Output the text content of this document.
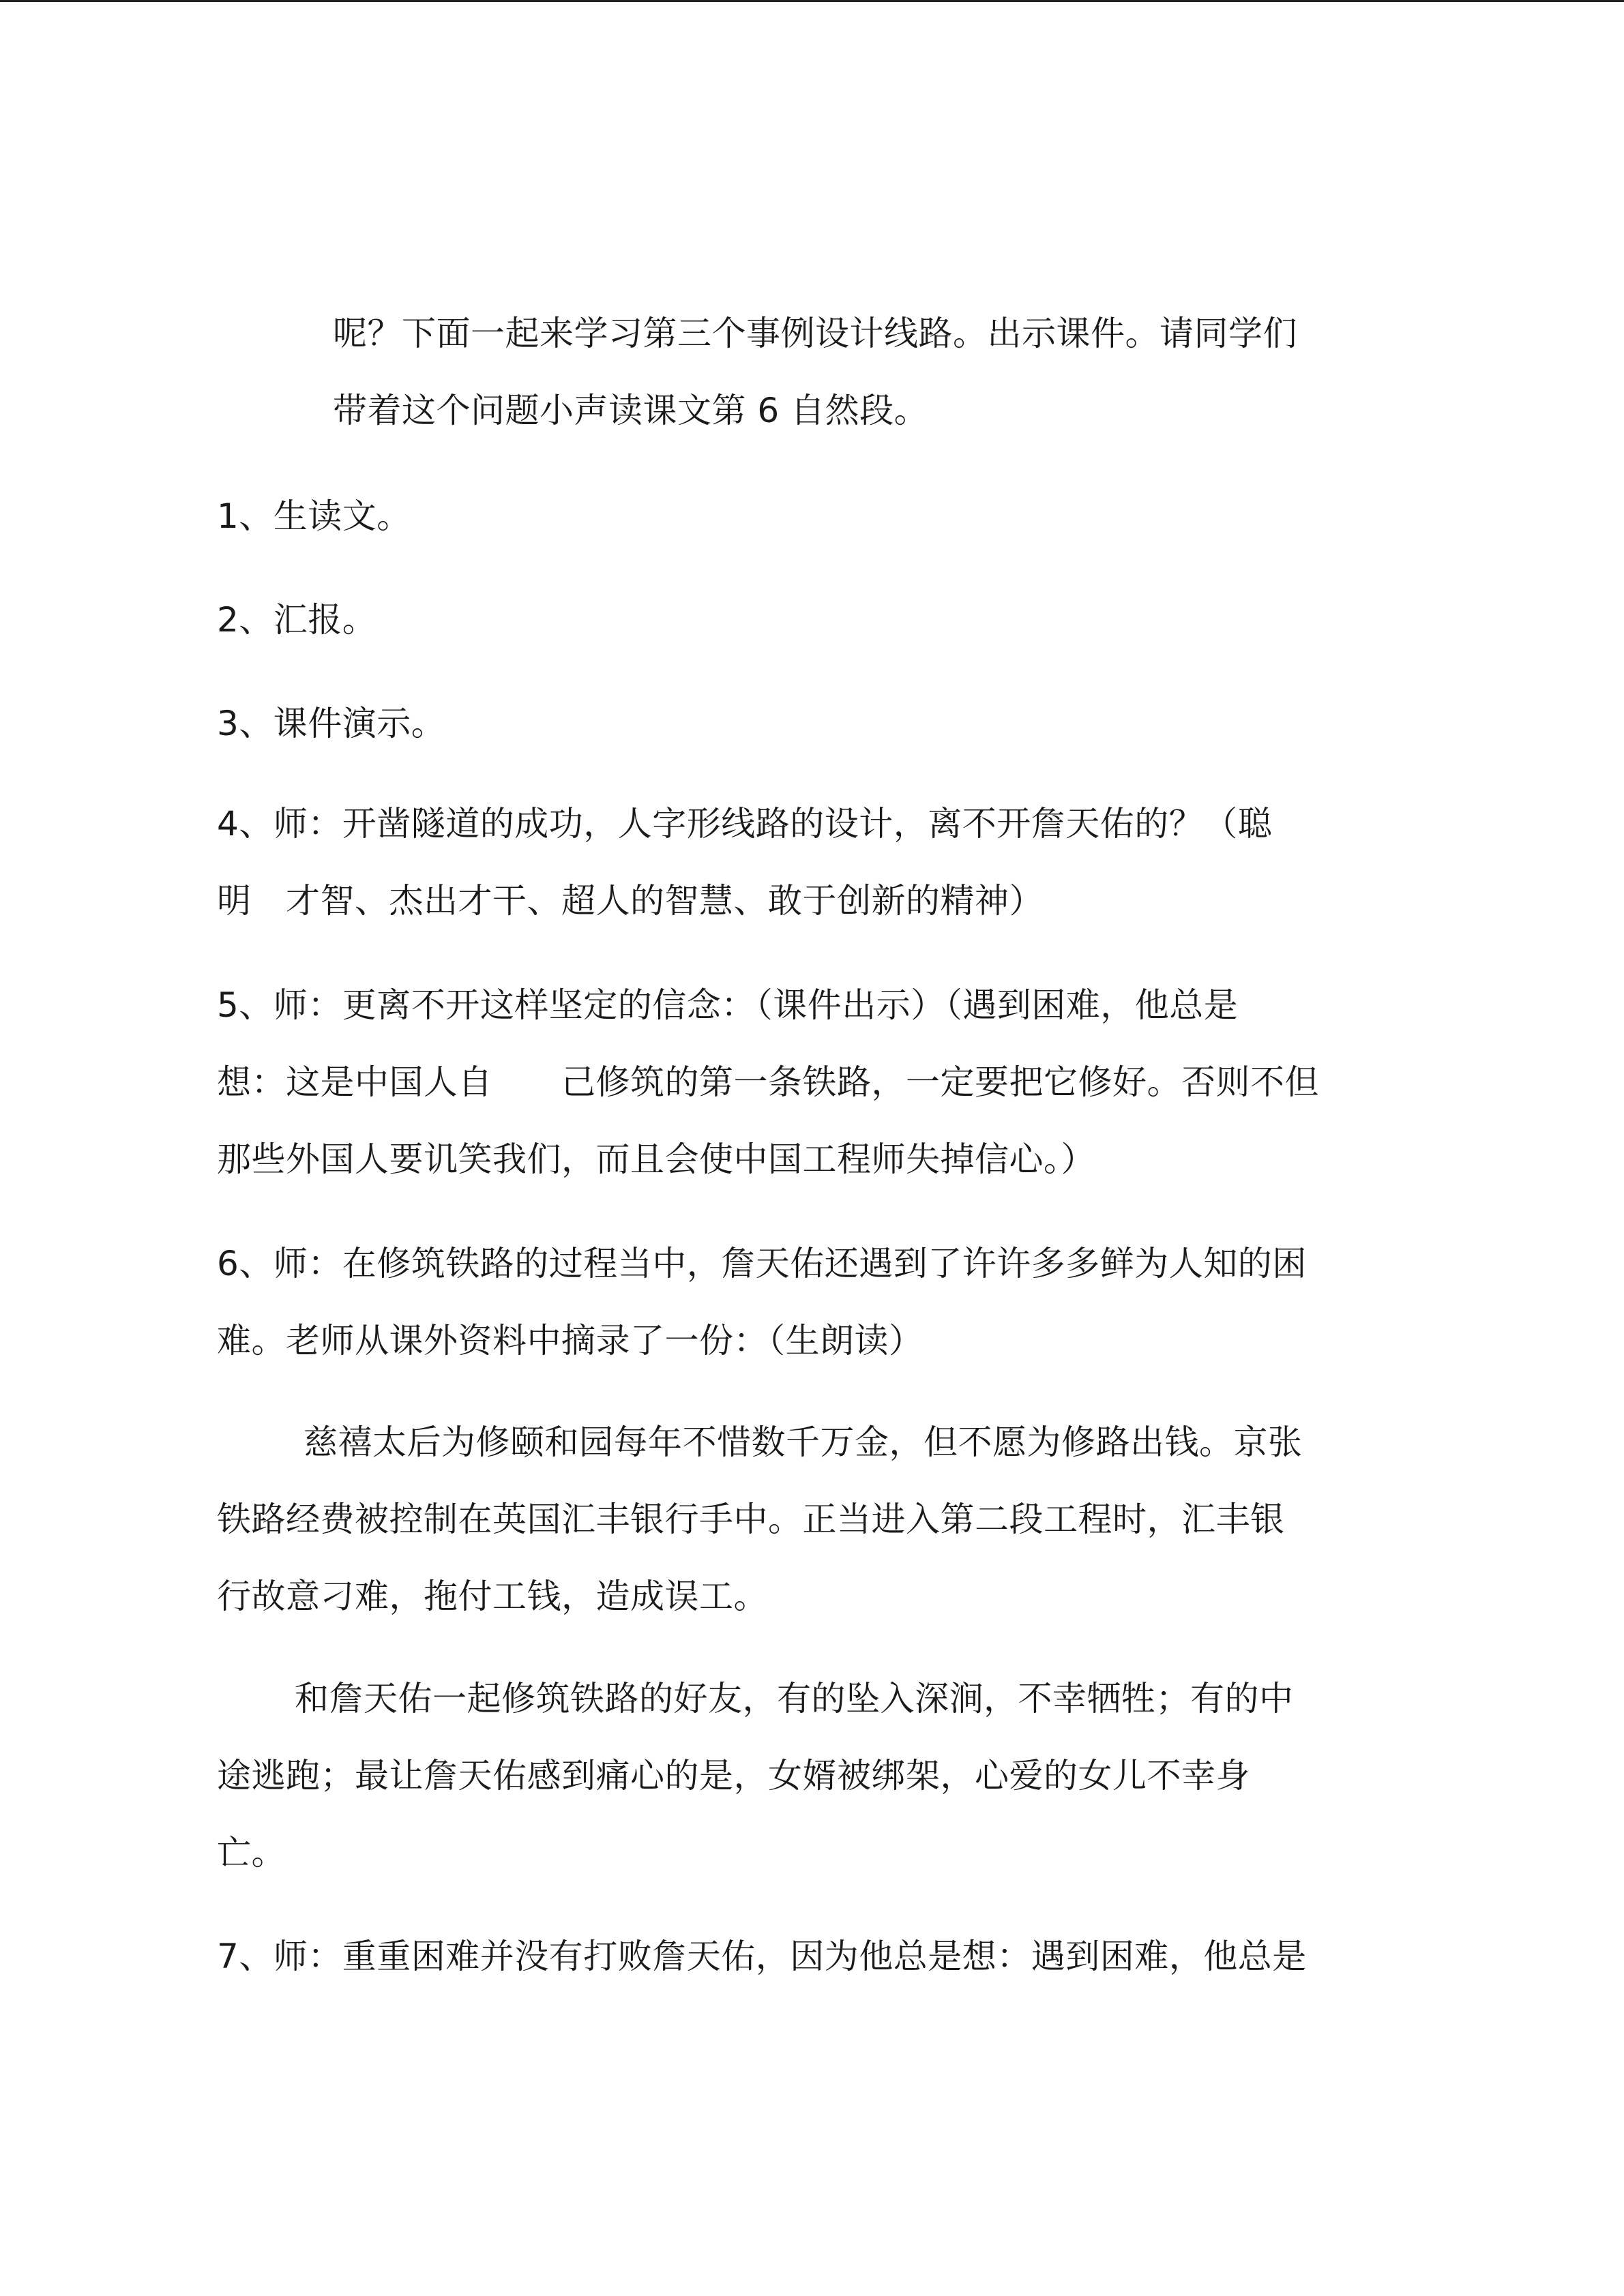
呢？下面一起来学习第三个事例设计线路。出示课件。请同学们
带着这个问题小声读课文第 6 自然段。
1、生读文。
2、汇报。
3、课件演示。
4、师：开凿隧道的成功，人字形线路的设计，离不开詹天佑的？（聪
明　才智、杰出才干、超人的智慧、敢于创新的精神）
5、师：更离不开这样坚定的信念：（课件出示）（遇到困难，他总是
想：这是中国人自　　己修筑的第一条铁路，一定要把它修好。否则不但
那些外国人要讥笑我们，而且会使中国工程师失掉信心。）
6、师：在修筑铁路的过程当中，詹天佑还遇到了许许多多鲜为人知的困
难。老师从课外资料中摘录了一份：（生朗读）
慈禧太后为修颐和园每年不惜数千万金，但不愿为修路出钱。京张
铁路经费被控制在英国汇丰银行手中。正当进入第二段工程时，汇丰银
行故意刁难，拖付工钱，造成误工。
和詹天佑一起修筑铁路的好友，有的坠入深涧，不幸牺牲；有的中
途逃跑；最让詹天佑感到痛心的是，女婿被绑架，心爱的女儿不幸身
亡。
7、师：重重困难并没有打败詹天佑，因为他总是想：遇到困难，他总是
